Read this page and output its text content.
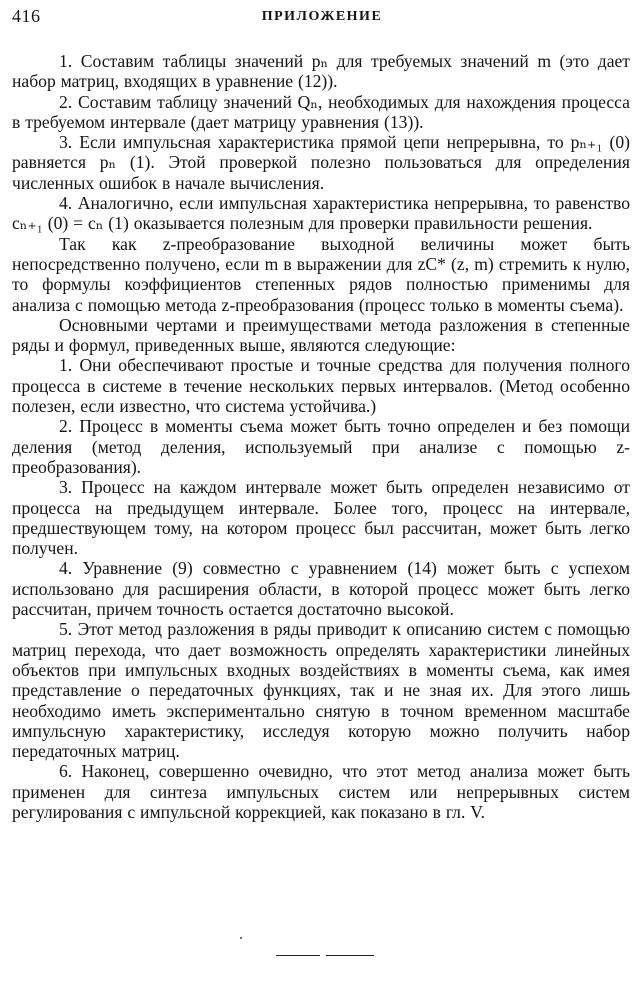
416	ПРИЛОЖЕНИЕ

1. Составим таблицы значений pₙ для требуемых значений m (это дает набор матриц, входящих в уравнение (12)).

2. Составим таблицу значений Qₙ, необходимых для нахождения процесса в требуемом интервале (дает матрицу уравнения (13)).

3. Если импульсная характеристика прямой цепи непрерывна, то pₙ₊₁ (0) равняется pₙ (1). Этой проверкой полезно пользоваться для определения численных ошибок в начале вычисления.

4. Аналогично, если импульсная характеристика непрерывна, то равенство cₙ₊₁ (0) = cₙ (1) оказывается полезным для проверки правильности решения.

Так как z-преобразование выходной величины может быть непосредственно получено, если m в выражении для zC* (z, m) стремить к нулю, то формулы коэффициентов степенных рядов полностью применимы для анализа с помощью метода z-преобразования (процесс только в моменты съема).

Основными чертами и преимуществами метода разложения в степенные ряды и формул, приведенных выше, являются следующие:

1. Они обеспечивают простые и точные средства для получения полного процесса в системе в течение нескольких первых интервалов. (Метод особенно полезен, если известно, что система устойчива.)

2. Процесс в моменты съема может быть точно определен и без помощи деления (метод деления, используемый при анализе с помощью z-преобразования).

3. Процесс на каждом интервале может быть определен независимо от процесса на предыдущем интервале. Более того, процесс на интервале, предшествующем тому, на котором процесс был рассчитан, может быть легко получен.

4. Уравнение (9) совместно с уравнением (14) может быть с успехом использовано для расширения области, в которой процесс может быть легко рассчитан, причем точность остается достаточно высокой.

5. Этот метод разложения в ряды приводит к описанию систем с помощью матриц перехода, что дает возможность определять характеристики линейных объектов при импульсных входных воздействиях в моменты съема, как имея представление о передаточных функциях, так и не зная их. Для этого лишь необходимо иметь экспериментально снятую в точном временном масштабе импульсную характеристику, исследуя которую можно получить набор передаточных матриц.

6. Наконец, совершенно очевидно, что этот метод анализа может быть применен для синтеза импульсных систем или непрерывных систем регулирования с импульсной коррекцией, как показано в гл. V.
